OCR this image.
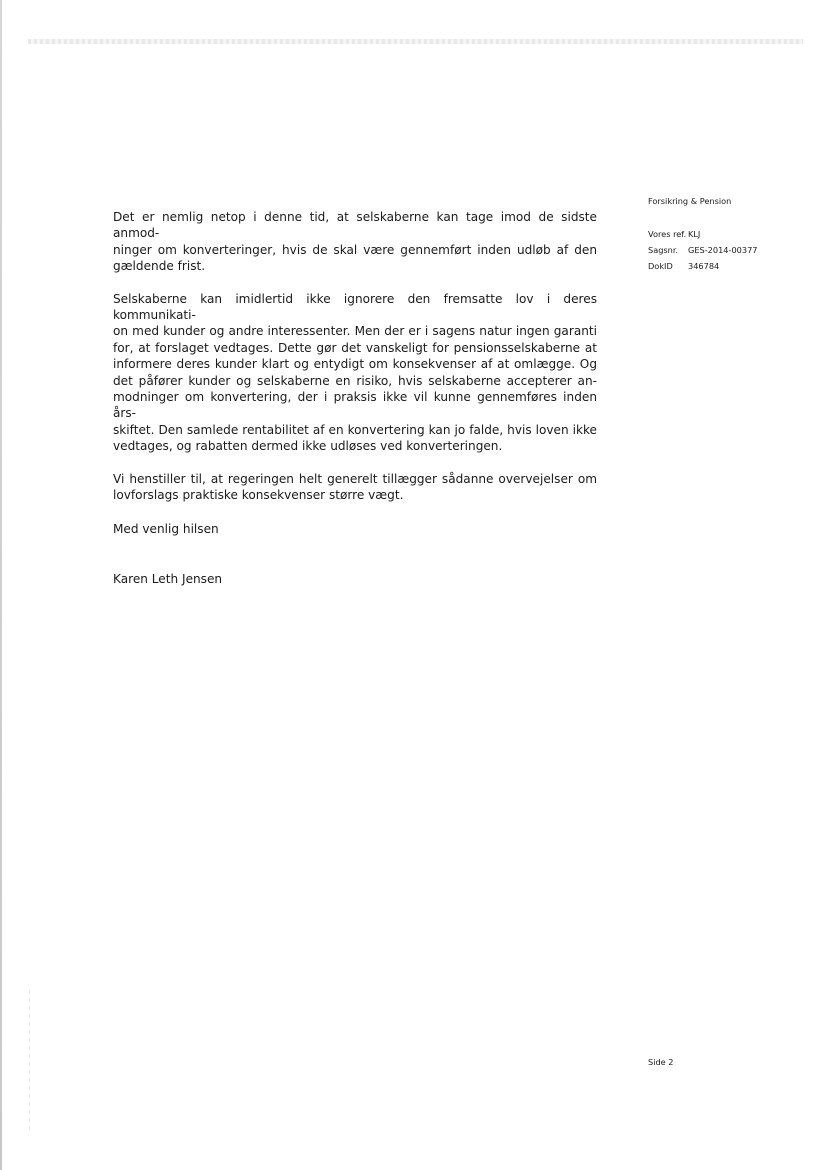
Det er nemlig netop i denne tid, at selskaberne kan tage imod de sidste anmod-
ninger om konverteringer, hvis de skal være gennemført inden udløb af den
gældende frist.

Selskaberne kan imidlertid ikke ignorere den fremsatte lov i deres kommunikati-
on med kunder og andre interessenter. Men der er i sagens natur ingen garanti
for, at forslaget vedtages. Dette gør det vanskeligt for pensionsselskaberne at
informere deres kunder klart og entydigt om konsekvenser af at omlægge. Og
det påfører kunder og selskaberne en risiko, hvis selskaberne accepterer an-
modninger om konvertering, der i praksis ikke vil kunne gennemføres inden års-
skiftet. Den samlede rentabilitet af en konvertering kan jo falde, hvis loven ikke
vedtages, og rabatten dermed ikke udløses ved konverteringen.

Vi henstiller til, at regeringen helt generelt tillægger sådanne overvejelser om
lovforslags praktiske konsekvenser større vægt.

Med venlig hilsen
Karen Leth Jensen
Forsikring & Pension
Vores ref.	KLJ
Sagsnr.	GES-2014-00377
DokID	346784
Side 2
